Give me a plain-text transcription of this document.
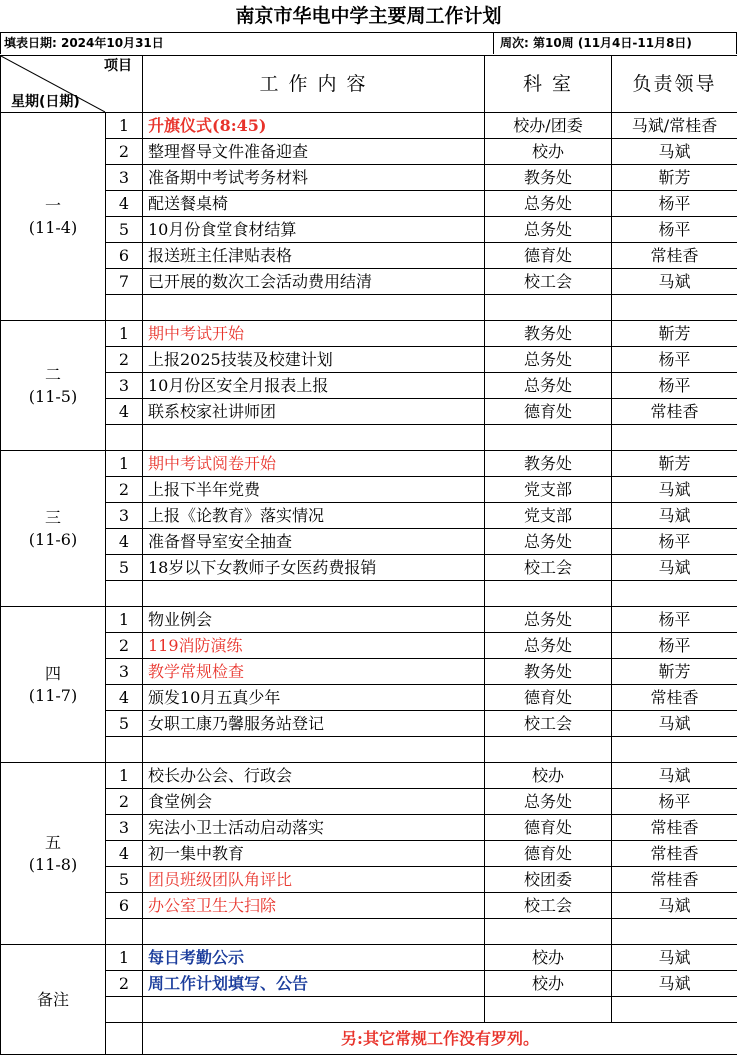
南京市华电中学主要周工作计划
填表日期: 2024年10月31日	周次: 第10周 (11月4日-11月8日)
项目
星期(日期)		工 作 内 容	科 室	负责领导

一
(11-4)	1	升旗仪式(8:45)	校办/团委	马斌/常桂香
	2	整理督导文件准备迎查	校办	马斌
	3	准备期中考试考务材料	教务处	靳芳
	4	配送餐桌椅	总务处	杨平
	5	10月份食堂食材结算	总务处	杨平
	6	报送班主任津贴表格	德育处	常桂香
	7	已开展的数次工会活动费用结清	校工会	马斌

二
(11-5)	1	期中考试开始	教务处	靳芳
	2	上报2025技装及校建计划	总务处	杨平
	3	10月份区安全月报表上报	总务处	杨平
	4	联系校家社讲师团	德育处	常桂香

三
(11-6)	1	期中考试阅卷开始	教务处	靳芳
	2	上报下半年党费	党支部	马斌
	3	上报《论教育》落实情况	党支部	马斌
	4	准备督导室安全抽查	总务处	杨平
	5	18岁以下女教师子女医药费报销	校工会	马斌

四
(11-7)	1	物业例会	总务处	杨平
	2	119消防演练	总务处	杨平
	3	教学常规检查	教务处	靳芳
	4	颁发10月五真少年	德育处	常桂香
	5	女职工康乃馨服务站登记	校工会	马斌

五
(11-8)	1	校长办公会、行政会	校办	马斌
	2	食堂例会	总务处	杨平
	3	宪法小卫士活动启动落实	德育处	常桂香
	4	初一集中教育	德育处	常桂香
	5	团员班级团队角评比	校团委	常桂香
	6	办公室卫生大扫除	校工会	马斌

备注	1	每日考勤公示	校办	马斌
	2	周工作计划填写、公告	校办	马斌

		另:其它常规工作没有罗列。		
